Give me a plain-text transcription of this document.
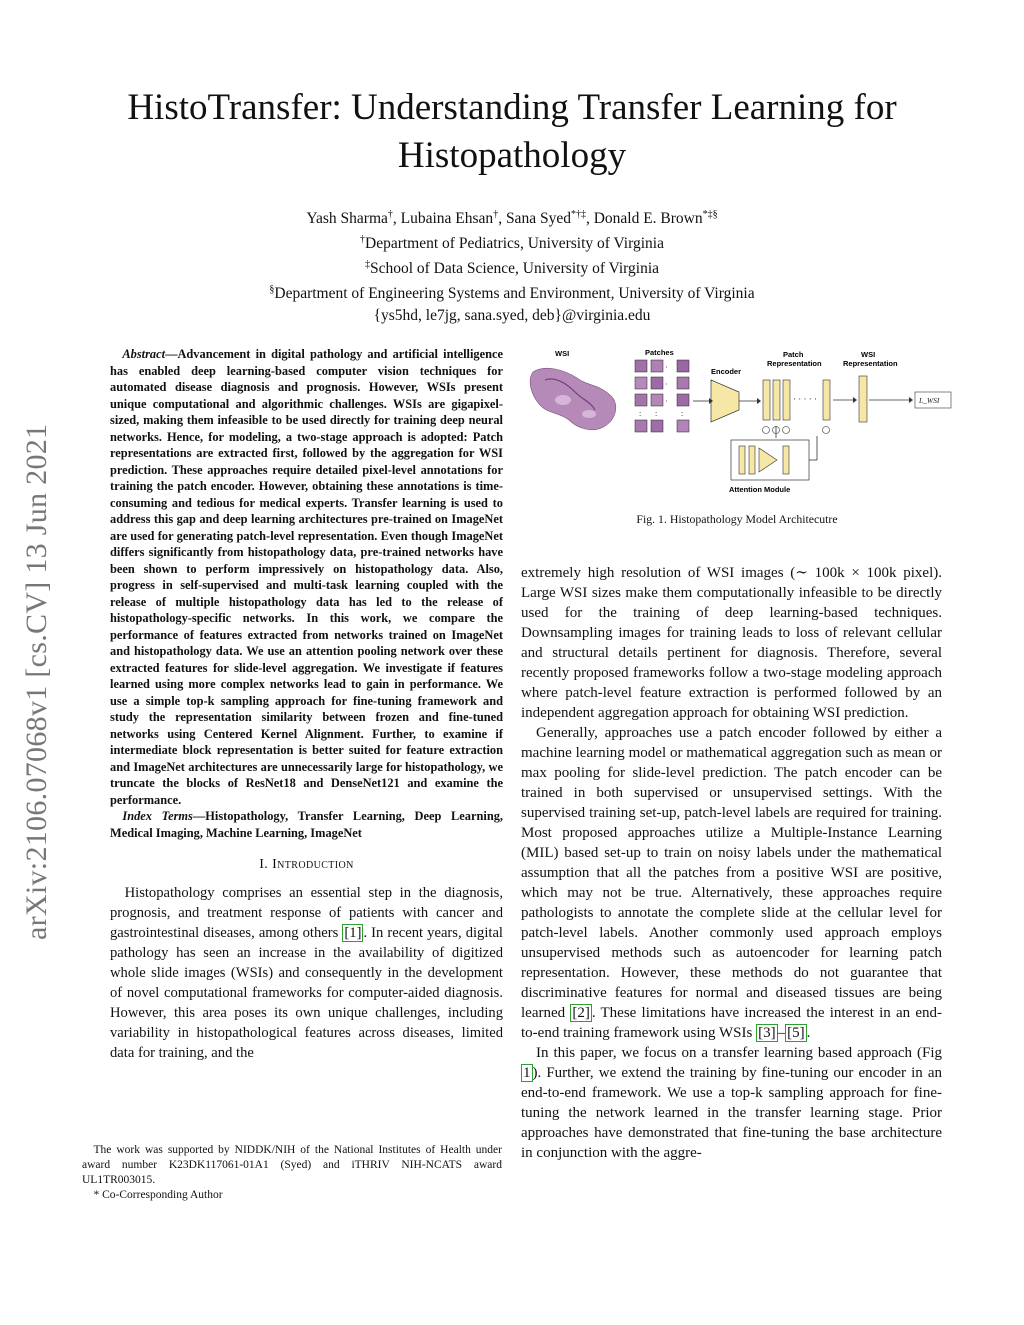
arXiv:2106.07068v1 [cs.CV] 13 Jun 2021
HistoTransfer: Understanding Transfer Learning for
Histopathology
Yash Sharma†, Lubaina Ehsan†, Sana Syed*†‡, Donald E. Brown*‡§
†Department of Pediatrics, University of Virginia
‡School of Data Science, University of Virginia
§Department of Engineering Systems and Environment, University of Virginia
{ys5hd, le7jg, sana.syed, deb}@virginia.edu

Abstract—Advancement in digital pathology and artificial intelligence has enabled deep learning-based computer vision techniques for automated disease diagnosis and prognosis. However, WSIs present unique computational and algorithmic challenges. WSIs are gigapixel-sized, making them infeasible to be used directly for training deep neural networks. Hence, for modeling, a two-stage approach is adopted: Patch representations are extracted first, followed by the aggregation for WSI prediction. These approaches require detailed pixel-level annotations for training the patch encoder. However, obtaining these annotations is time-consuming and tedious for medical experts. Transfer learning is used to address this gap and deep learning architectures pre-trained on ImageNet are used for generating patch-level representation. Even though ImageNet differs significantly from histopathology data, pre-trained networks have been shown to perform impressively on histopathology data. Also, progress in self-supervised and multi-task learning coupled with the release of multiple histopathology data has led to the release of histopathology-specific networks. In this work, we compare the performance of features extracted from networks trained on ImageNet and histopathology data. We use an attention pooling network over these extracted features for slide-level aggregation. We investigate if features learned using more complex networks lead to gain in performance. We use a simple top-k sampling approach for fine-tuning framework and study the representation similarity between frozen and fine-tuned networks using Centered Kernel Alignment. Further, to examine if intermediate block representation is better suited for feature extraction and ImageNet architectures are unnecessarily large for histopathology, we truncate the blocks of ResNet18 and DenseNet121 and examine the performance.

Index Terms—Histopathology, Transfer Learning, Deep Learning, Medical Imaging, Machine Learning, ImageNet

I. Introduction

Histopathology comprises an essential step in the diagnosis, prognosis, and treatment response of patients with cancer and gastrointestinal diseases, among others [1] . In recent years, digital pathology has seen an increase in the availability of digitized whole slide images (WSIs) and consequently in the development of novel computational frameworks for computer-aided diagnosis. However, this area poses its own unique challenges, including variability in histopathological features across diseases, limited data for training, and the

The work was supported by NIDDK/NIH of the National Institutes of Health under award number K23DK117061-01A1 (Syed) and iTHRIV NIH-NCATS award UL1TR003015.

* Co-Corresponding Author

WSI	Patches
·
·
·
: :	:
Encoder
Patch
Representation
· · · · ·
WSI
Representation
L_WSI
Attention Module
Fig. 1. Histopathology Model Architecutre

extremely high resolution of WSI images (∼ 100k × 100k pixel). Large WSI sizes make them computationally infeasible to be directly used for the training of deep learning-based techniques. Downsampling images for training leads to loss of relevant cellular and structural details pertinent for diagnosis. Therefore, several recently proposed frameworks follow a two-stage modeling approach where patch-level feature extraction is performed followed by an independent aggregation approach for obtaining WSI prediction.

Generally, approaches use a patch encoder followed by either a machine learning model or mathematical aggregation such as mean or max pooling for slide-level prediction. The patch encoder can be trained in both supervised or unsupervised settings. With the supervised training set-up, patch-level labels are required for training. Most proposed approaches utilize a Multiple-Instance Learning (MIL) based set-up to train on noisy labels under the mathematical assumption that all the patches from a positive WSI are positive, which may not be true. Alternatively, these approaches require pathologists to annotate the complete slide at the cellular level for patch-level labels. Another commonly used approach employs unsupervised methods such as autoencoder for learning patch representation. However, these methods do not guarantee that discriminative features for normal and diseased tissues are being learned [2] . These limitations have increased the interest in an end-to-end training framework using WSIs [3] – [5] .

In this paper, we focus on a transfer learning based approach (Fig 1 ). Further, we extend the training by fine-tuning our encoder in an end-to-end framework. We use a top-k sampling approach for fine-tuning the network learned in the transfer learning stage. Prior approaches have demonstrated that fine-tuning the base architecture in conjunction with the aggre-
